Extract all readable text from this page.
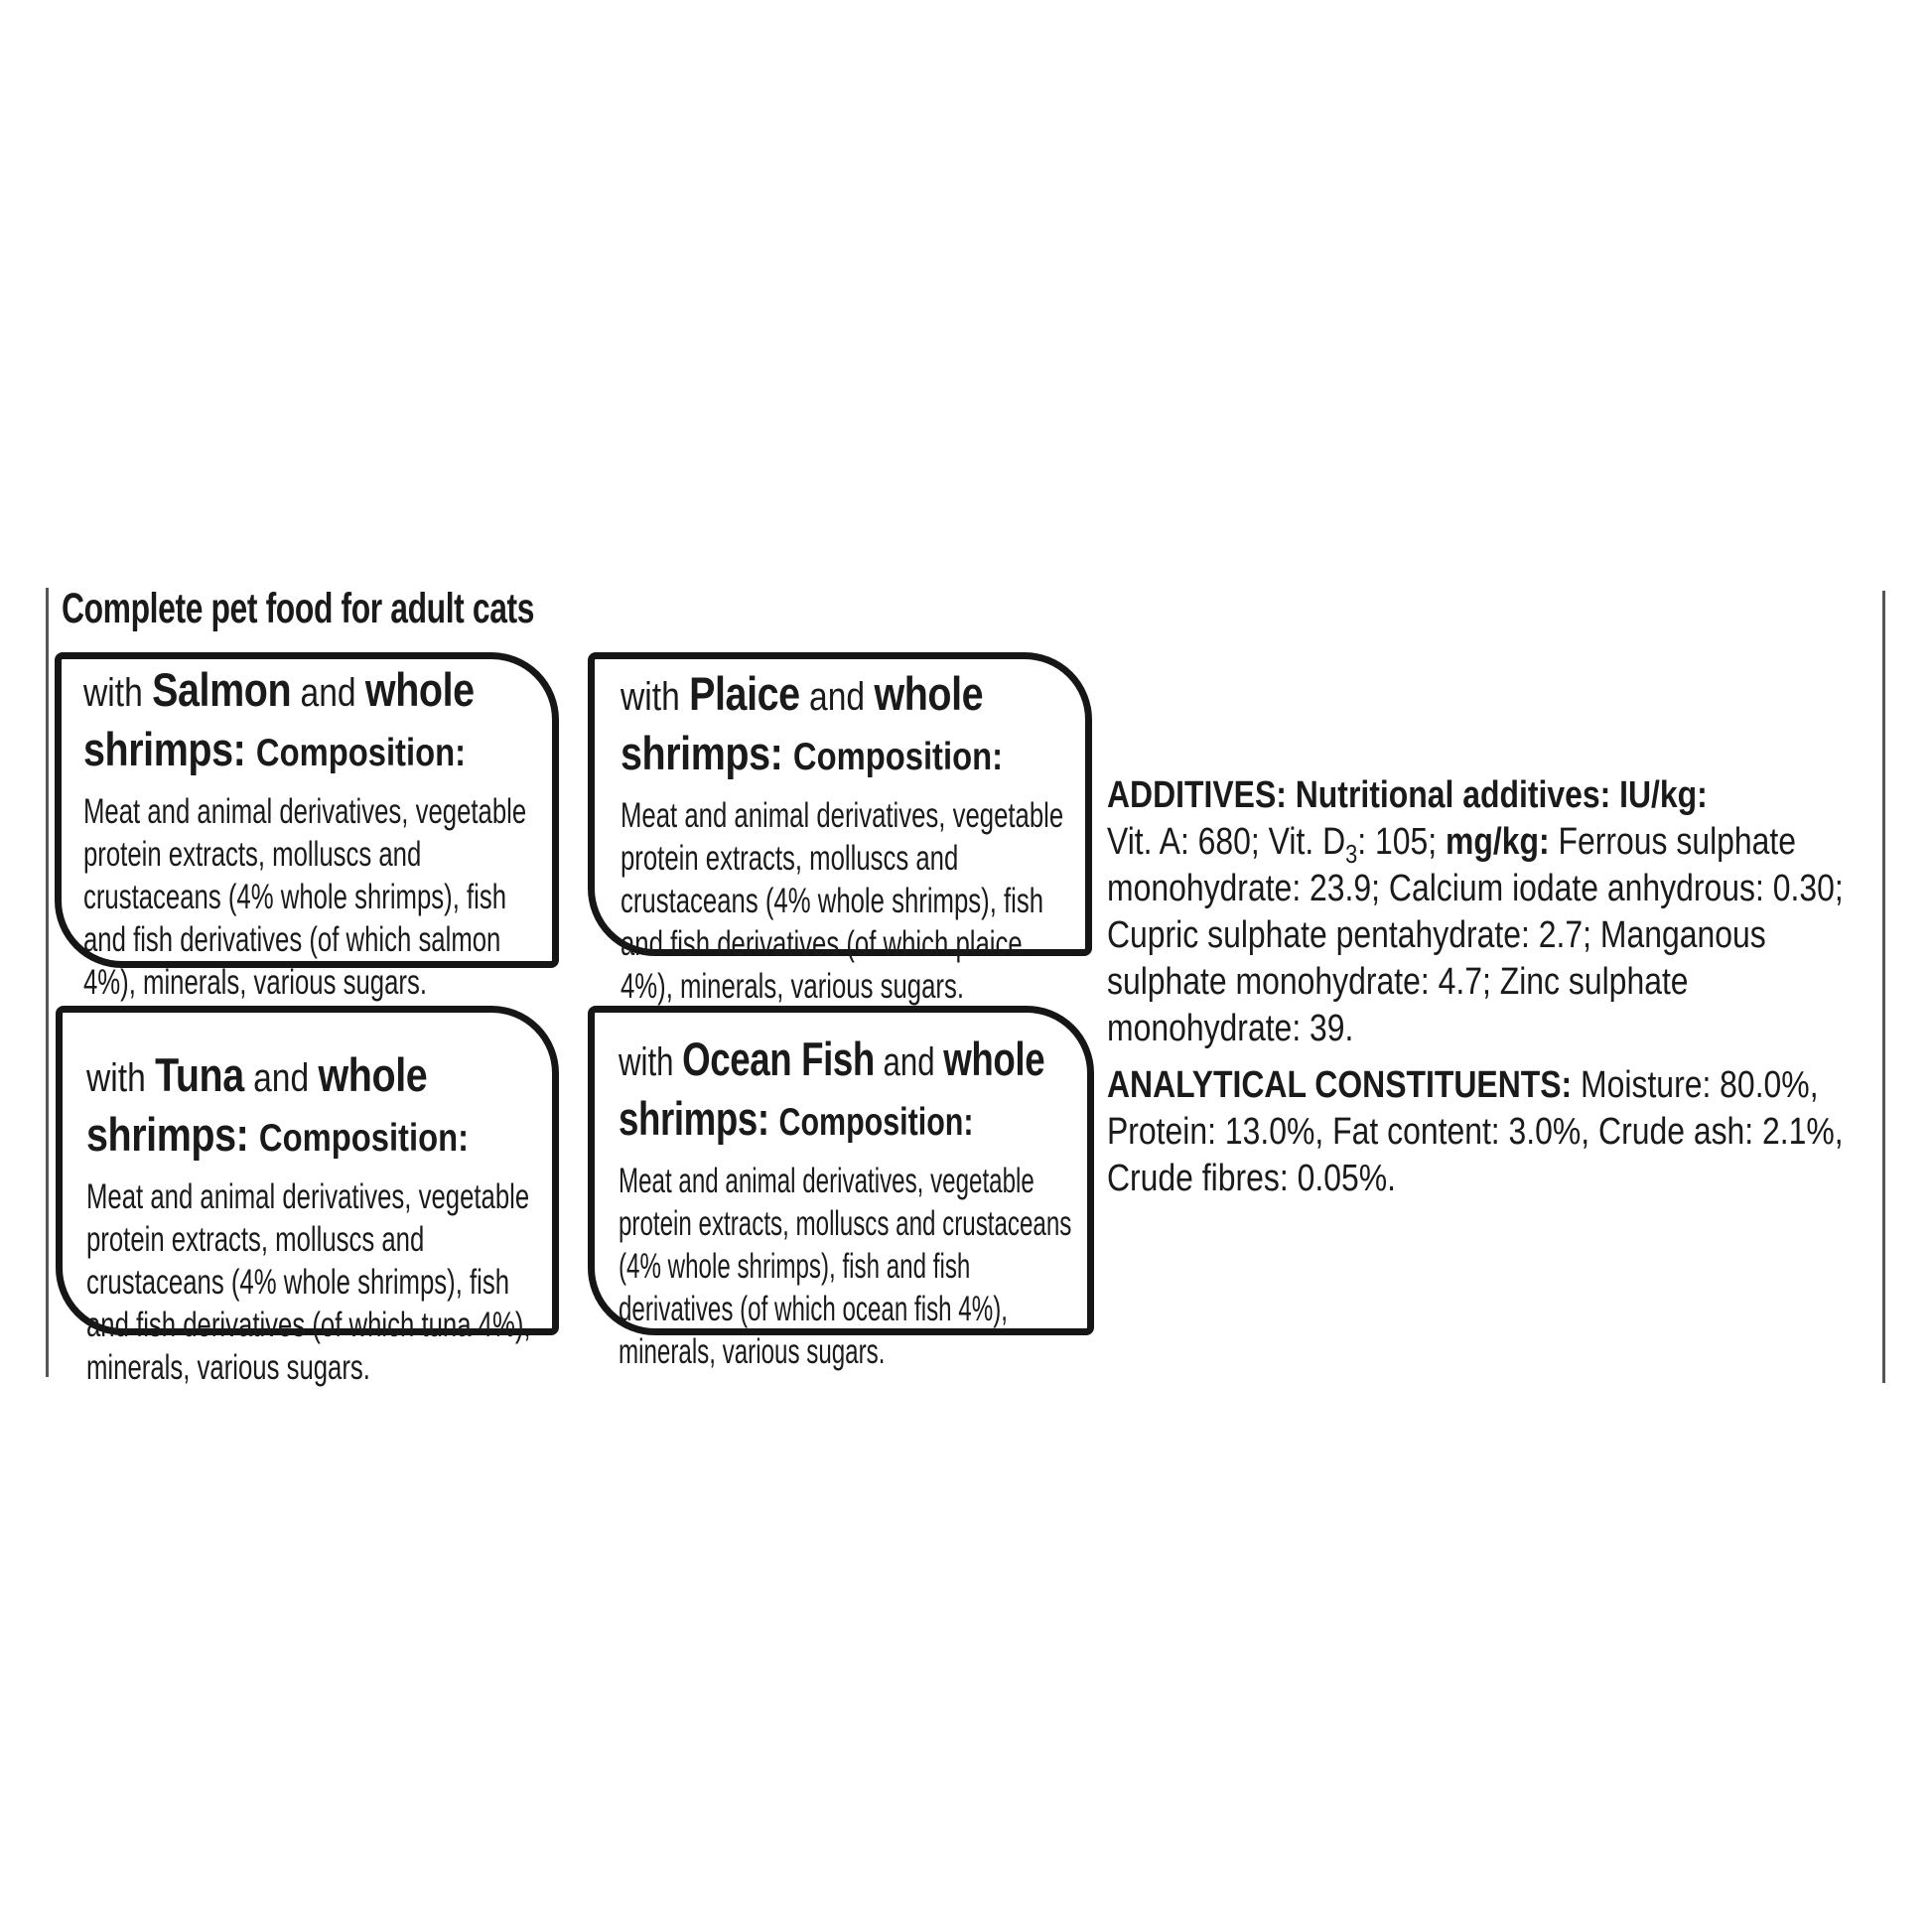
Complete pet food for adult cats
with Salmon and whole
shrimps: Composition:
Meat and animal derivatives, vegetable protein extracts, molluscs and crustaceans (4% whole shrimps), fish and fish derivatives (of which salmon 4%), minerals, various sugars.
with Plaice and whole
shrimps: Composition:
Meat and animal derivatives, vegetable protein extracts, molluscs and crustaceans (4% whole shrimps), fish and fish derivatives (of which plaice 4%), minerals, various sugars.
with Tuna and whole
shrimps: Composition:
Meat and animal derivatives, vegetable protein extracts, molluscs and crustaceans (4% whole shrimps), fish and fish derivatives (of which tuna 4%), minerals, various sugars.
with Ocean Fish and whole
shrimps: Composition:
Meat and animal derivatives, vegetable protein extracts, molluscs and crustaceans (4% whole shrimps), fish and fish derivatives (of which ocean fish 4%), minerals, various sugars.
ADDITIVES: Nutritional additives: IU/kg:
Vit. A: 680; Vit. $D_3$: 105; mg/kg: Ferrous sulphate monohydrate: 23.9; Calcium iodate anhydrous: 0.30; Cupric sulphate pentahydrate: 2.7; Manganous sulphate monohydrate: 4.7; Zinc sulphate monohydrate: 39.
ANALYTICAL CONSTITUENTS: Moisture: 80.0%, Protein: 13.0%, Fat content: 3.0%, Crude ash: 2.1%, Crude fibres: 0.05%.
